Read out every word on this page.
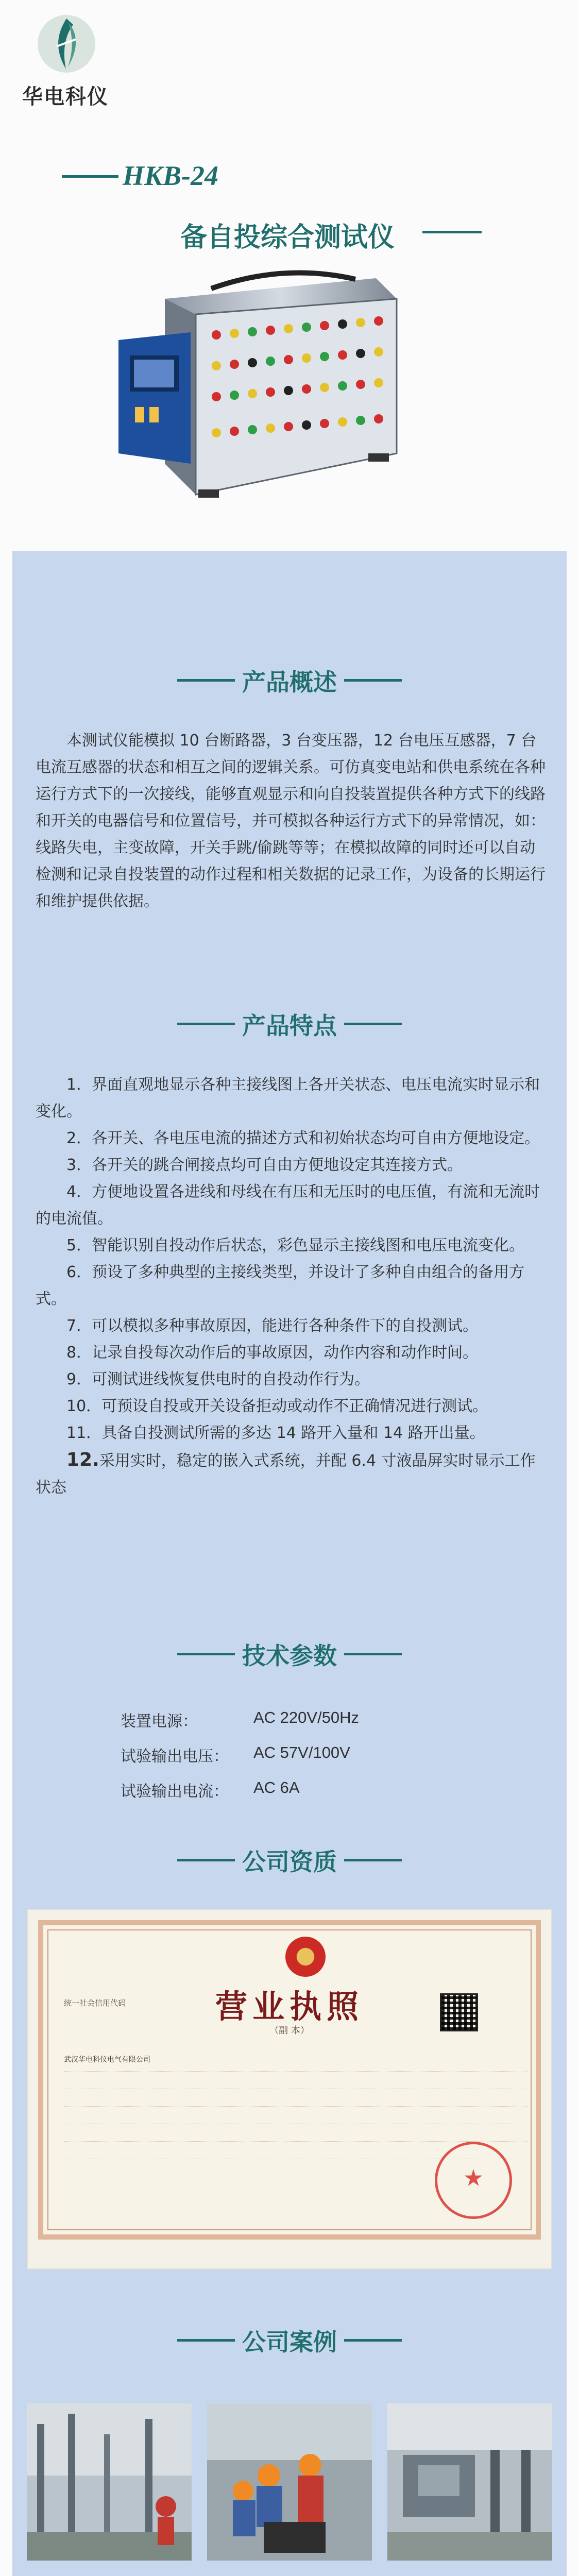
华电科仪
HKB-24
备自投综合测试仪
产品概述

本测试仪能模拟 10 台断路器，3 台变压器，12 台电压互感器，7 台电流互感器的状态和相互之间的逻辑关系。可仿真变电站和供电系统在各种运行方式下的一次接线，能够直观显示和向自投装置提供各种方式下的线路和开关的电器信号和位置信号，并可模拟各种运行方式下的异常情况，如：线路失电，主变故障，开关手跳/偷跳等等；在模拟故障的同时还可以自动检测和记录自投装置的动作过程和相关数据的记录工作，为设备的长期运行和维护提供依据。

产品特点
1．界面直观地显示各种主接线图上各开关状态、电压电流实时显示和变化。
2．各开关、各电压电流的描述方式和初始状态均可自由方便地设定。
3．各开关的跳合闸接点均可自由方便地设定其连接方式。
4．方便地设置各进线和母线在有压和无压时的电压值，有流和无流时的电流值。
5．智能识别自投动作后状态，彩色显示主接线图和电压电流变化。
6．预设了多种典型的主接线类型，并设计了多种自由组合的备用方式。
7．可以模拟多种事故原因，能进行各种条件下的自投测试。
8．记录自投每次动作后的事故原因，动作内容和动作时间。
9．可测试进线恢复供电时的自投动作行为。
10．可预设自投或开关设备拒动或动作不正确情况进行测试。
11．具备自投测试所需的多达 14 路开入量和 14 路开出量。
12.采用实时，稳定的嵌入式系统，并配 6.4 寸液晶屏实时显示工作状态
技术参数
装置电源：	AC 220V/50Hz
试验输出电压： AC 57V/100V
试验输出电流： AC 6A
公司资质
营业执照
（副 本）
统一社会信用代码
武汉华电科仪电气有限公司
公司案例
